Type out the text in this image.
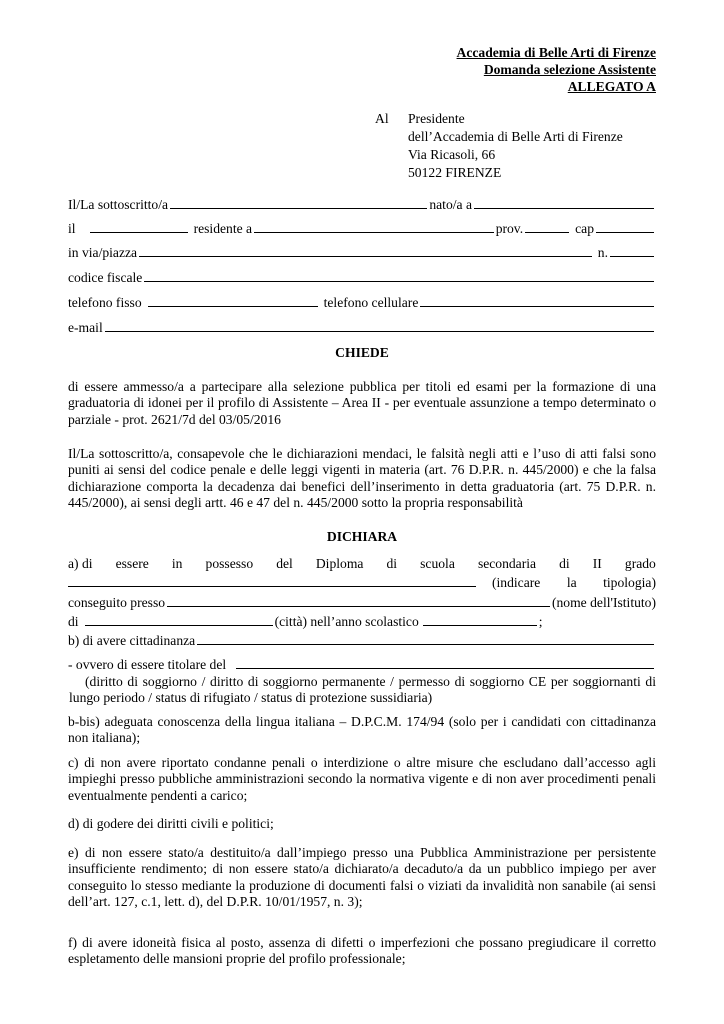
Accademia di Belle Arti di Firenze
Domanda selezione Assistente
ALLEGATO A
Al Presidente
dell’Accademia di Belle Arti di Firenze
Via Ricasoli, 66
50122 FIRENZE
Il/La sottoscritto/a	nato/a a
il	residente a	prov.	cap
in via/piazza	n.
codice fiscale
telefono fisso	telefono cellulare
e-mail
CHIEDE
di essere ammesso/a a partecipare alla selezione pubblica per titoli ed esami per la formazione di una graduatoria di idonei per il profilo di Assistente – Area II - per eventuale assunzione a tempo determinato o parziale - prot. 2621/7d del 03/05/2016
Il/La sottoscritto/a, consapevole che le dichiarazioni mendaci, le falsità negli atti e l’uso di atti falsi sono puniti ai sensi del codice penale e delle leggi vigenti in materia (art. 76 D.P.R. n. 445/2000) e che la falsa dichiarazione comporta la decadenza dai benefici dell’inserimento in detta graduatoria (art. 75 D.P.R. n. 445/2000), ai sensi degli artt. 46 e 47 del n. 445/2000 sotto la propria responsabilità
DICHIARA
a) di essere in possesso del Diploma di scuola secondaria di II grado
(indicare la tipologia)
conseguito presso	(nome dell'Istituto)
di	(città) nell’anno scolastico	;
b) di avere cittadinanza
- ovvero di essere titolare del
(diritto di soggiorno / diritto di soggiorno permanente / permesso di soggiorno CE per soggiornanti di lungo periodo / status di rifugiato / status di protezione sussidiaria)
b-bis) adeguata conoscenza della lingua italiana – D.P.C.M. 174/94 (solo per i candidati con cittadinanza non italiana);
c) di non avere riportato condanne penali o interdizione o altre misure che escludano dall’accesso agli impieghi presso pubbliche amministrazioni secondo la normativa vigente e di non aver procedimenti penali eventualmente pendenti a carico;
d) di godere dei diritti civili e politici;
e) di non essere stato/a destituito/a dall’impiego presso una Pubblica Amministrazione per persistente insufficiente rendimento; di non essere stato/a dichiarato/a decaduto/a da un pubblico impiego per aver conseguito lo stesso mediante la produzione di documenti falsi o viziati da invalidità non sanabile (ai sensi dell’art. 127, c.1, lett. d), del D.P.R. 10/01/1957, n. 3);
f) di avere idoneità fisica al posto, assenza di difetti o imperfezioni che possano pregiudicare il corretto espletamento delle mansioni proprie del profilo professionale;
